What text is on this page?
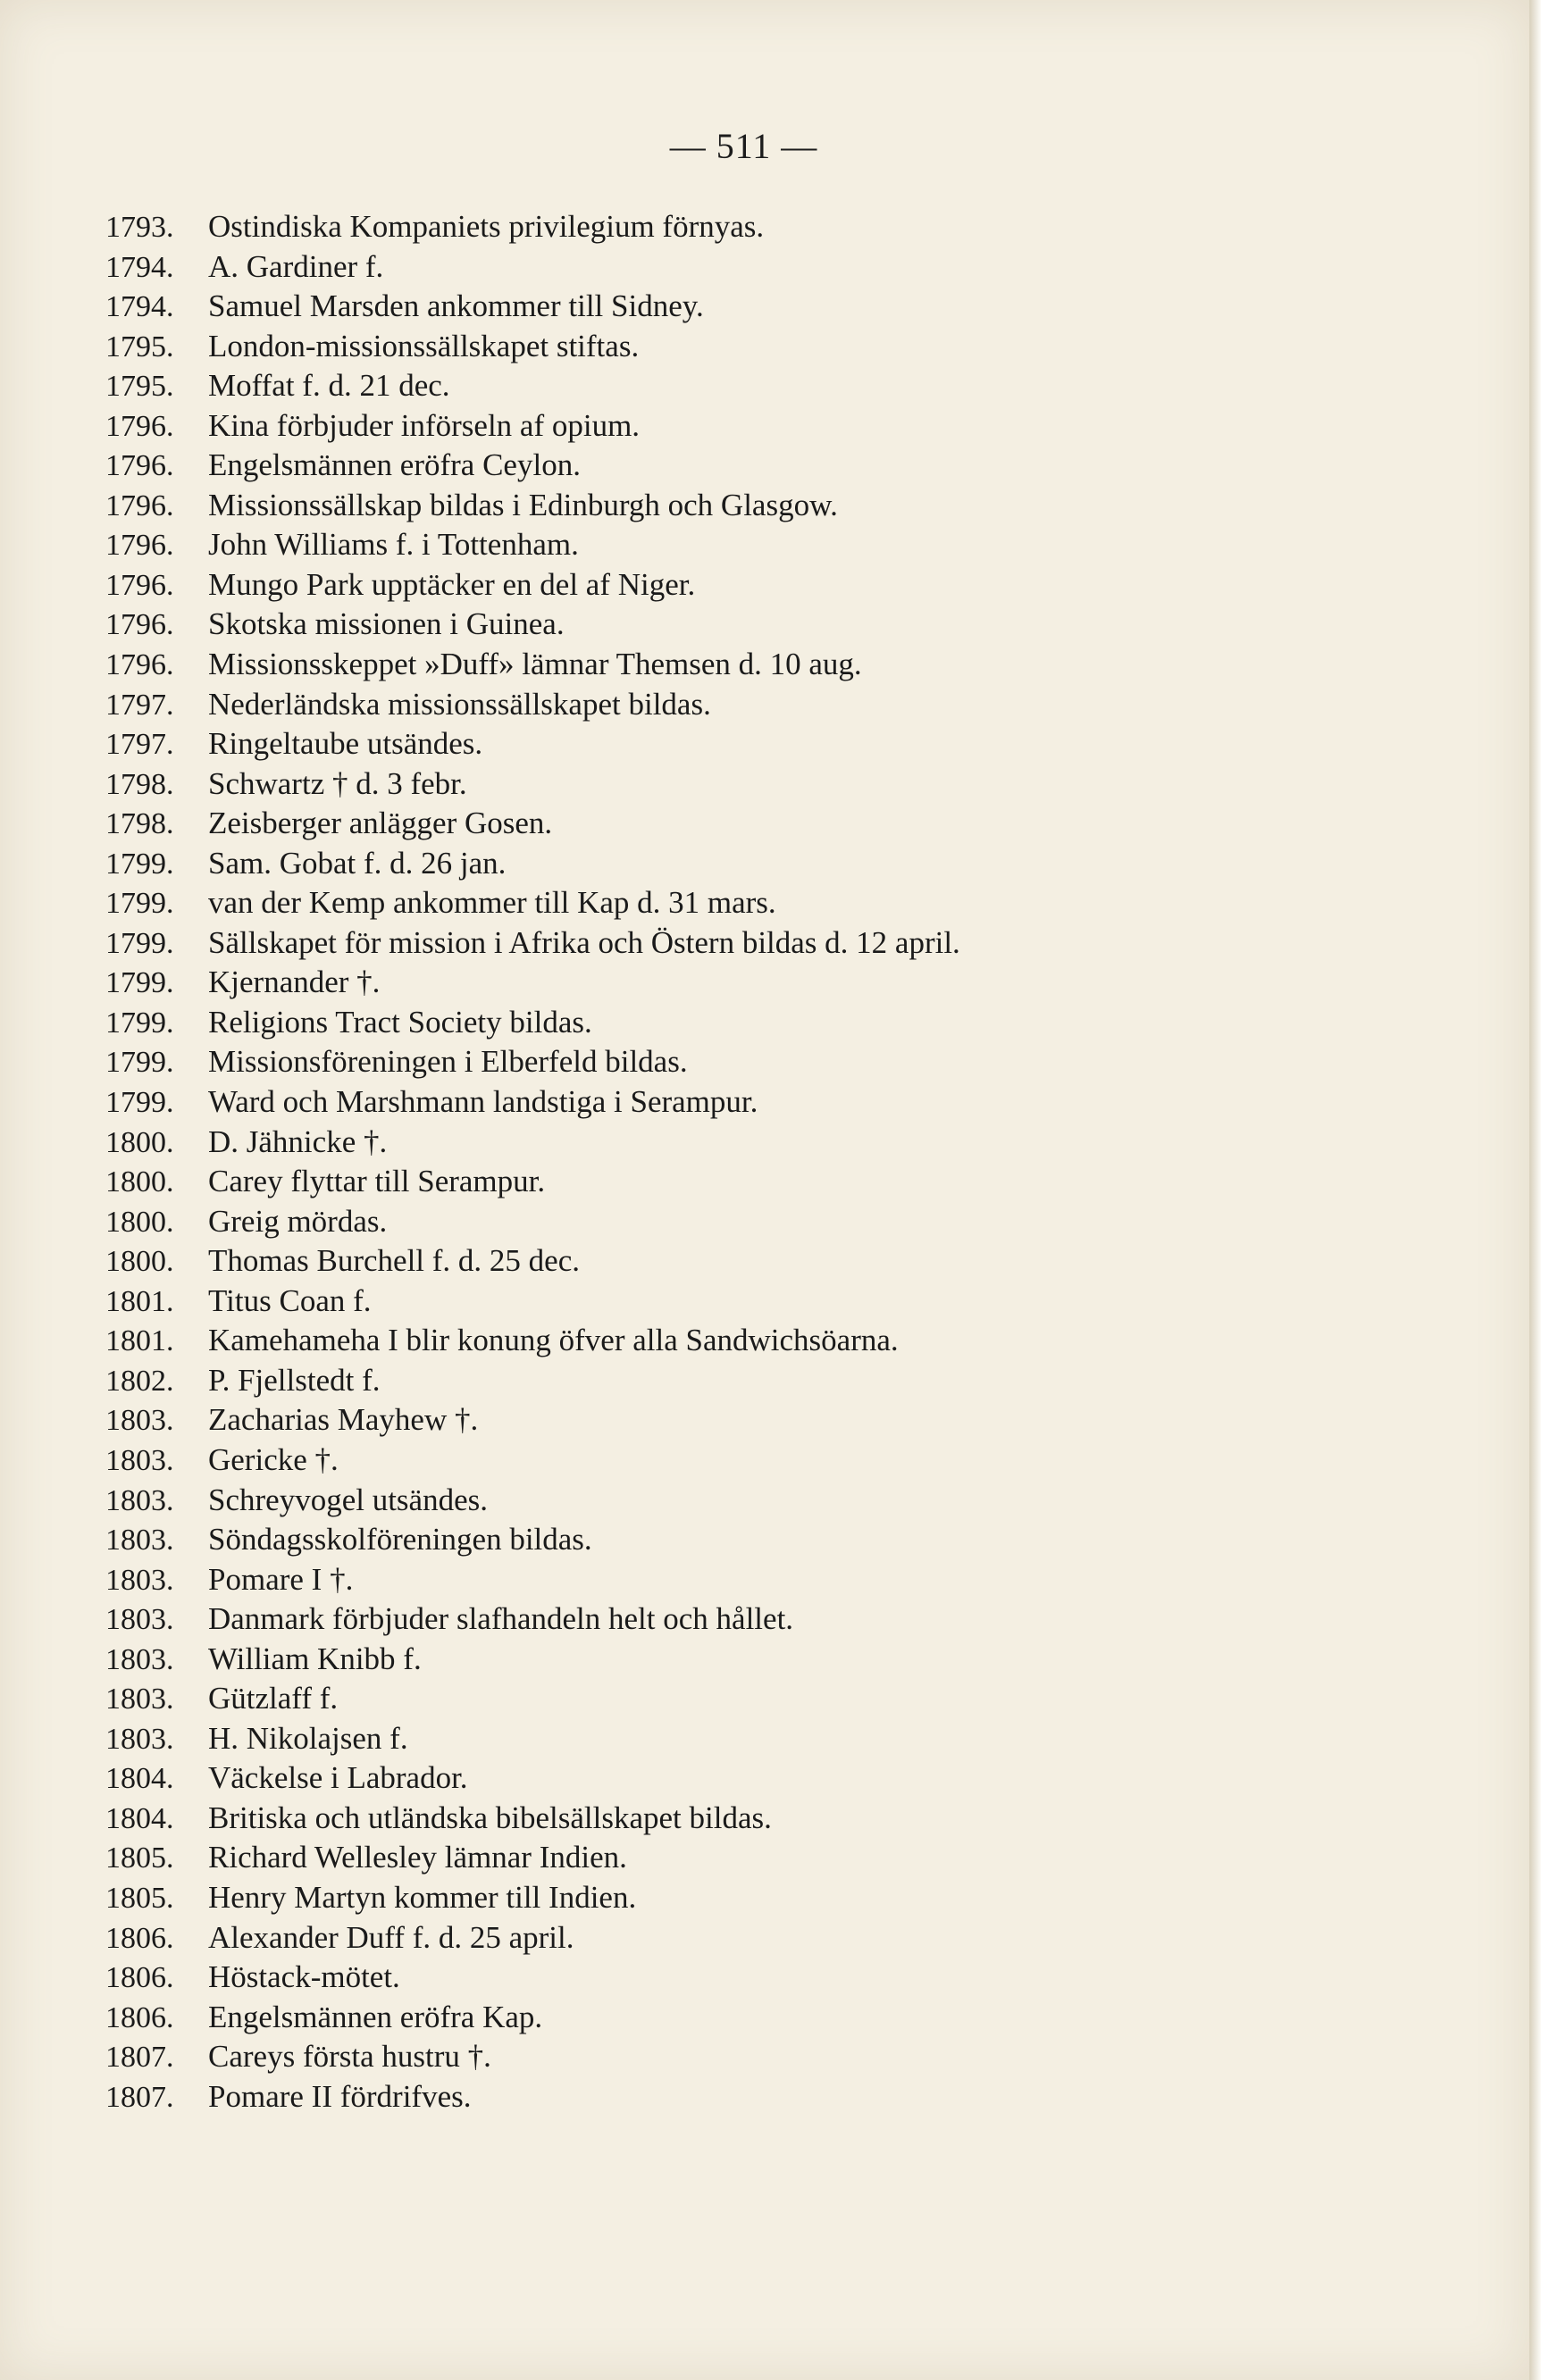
— 511 —
1793.	Ostindiska Kompaniets privilegium förnyas.
1794.	A. Gardiner f.
1794.	Samuel Marsden ankommer till Sidney.
1795.	London-missionssällskapet stiftas.
1795.	Moffat f. d. 21 dec.
1796.	Kina förbjuder införseln af opium.
1796.	Engelsmännen eröfra Ceylon.
1796.	Missionssällskap bildas i Edinburgh och Glasgow.
1796.	John Williams f. i Tottenham.
1796.	Mungo Park upptäcker en del af Niger.
1796.	Skotska missionen i Guinea.
1796.	Missionsskeppet »Duff» lämnar Themsen d. 10 aug.
1797.	Nederländska missionssällskapet bildas.
1797.	Ringeltaube utsändes.
1798.	Schwartz † d. 3 febr.
1798.	Zeisberger anlägger Gosen.
1799.	Sam. Gobat f. d. 26 jan.
1799.	van der Kemp ankommer till Kap d. 31 mars.
1799.	Sällskapet för mission i Afrika och Östern bildas d. 12 april.
1799.	Kjernander †.
1799.	Religions Tract Society bildas.
1799.	Missionsföreningen i Elberfeld bildas.
1799.	Ward och Marshmann landstiga i Serampur.
1800.	D. Jähnicke †.
1800.	Carey flyttar till Serampur.
1800.	Greig mördas.
1800.	Thomas Burchell f. d. 25 dec.
1801.	Titus Coan f.
1801.	Kamehameha I blir konung öfver alla Sandwichsöarna.
1802.	P. Fjellstedt f.
1803.	Zacharias Mayhew †.
1803.	Gericke †.
1803.	Schreyvogel utsändes.
1803.	Söndagsskolföreningen bildas.
1803.	Pomare I †.
1803.	Danmark förbjuder slafhandeln helt och hållet.
1803.	William Knibb f.
1803.	Gützlaff f.
1803.	H. Nikolajsen f.
1804.	Väckelse i Labrador.
1804.	Britiska och utländska bibelsällskapet bildas.
1805.	Richard Wellesley lämnar Indien.
1805.	Henry Martyn kommer till Indien.
1806.	Alexander Duff f. d. 25 april.
1806.	Höstack-mötet.
1806.	Engelsmännen eröfra Kap.
1807.	Careys första hustru †.
1807.	Pomare II fördrifves.
